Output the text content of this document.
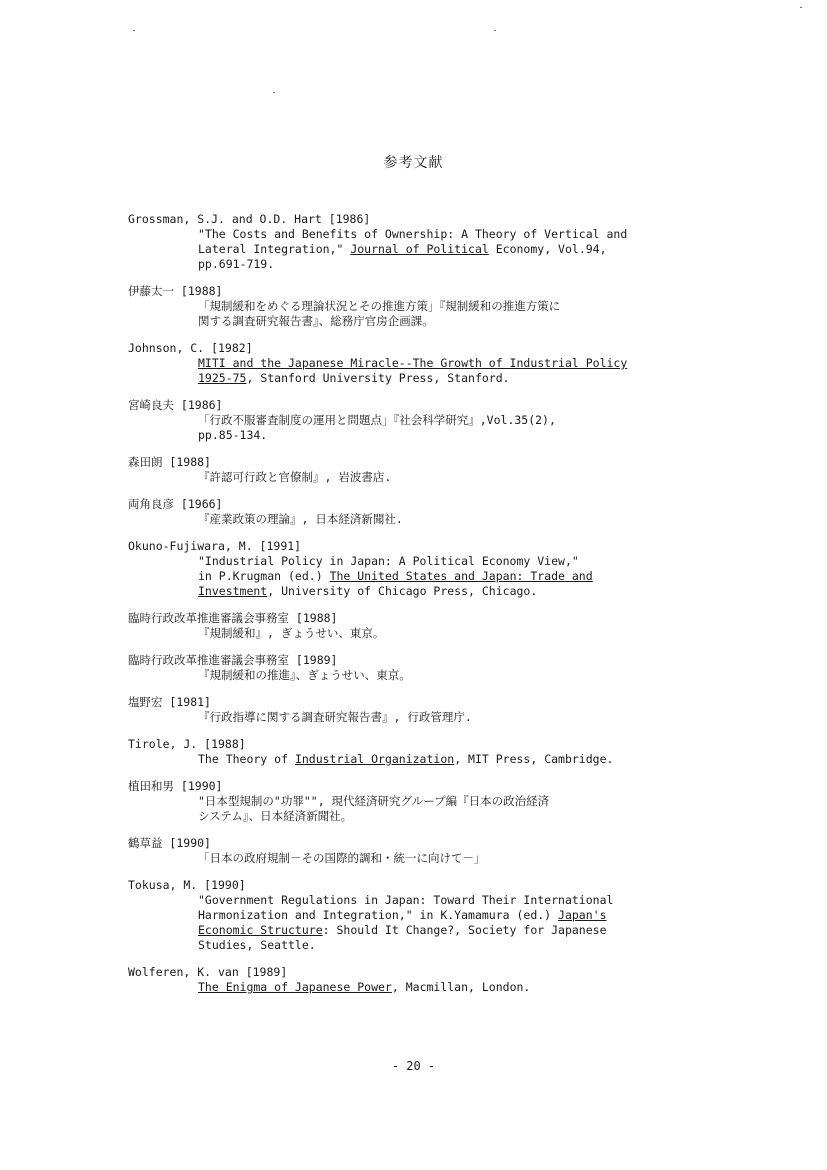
参考文献
Grossman, S.J. and O.D. Hart [1986]
"The Costs and Benefits of Ownership: A Theory of Vertical and
Lateral Integration," Journal of Political Economy, Vol.94,
pp.691-719.
伊藤太一 [1988]
「規制緩和をめぐる理論状況とその推進方策」『規制緩和の推進方策に
関する調査研究報告書』、総務庁官房企画課。
Johnson, C. [1982]
MITI and the Japanese Miracle--The Growth of Industrial Policy
1925-75, Stanford University Press, Stanford.
宮崎良夫 [1986]
「行政不服審査制度の運用と問題点」『社会科学研究』,Vol.35(2),
pp.85-134.
森田朗 [1988]
『許認可行政と官僚制』, 岩波書店.
両角良彦 [1966]
『産業政策の理論』, 日本経済新聞社.
Okuno-Fujiwara, M. [1991]
"Industrial Policy in Japan: A Political Economy View,"
in P.Krugman (ed.) The United States and Japan: Trade and
Investment, University of Chicago Press, Chicago.
臨時行政改革推進審議会事務室 [1988]
『規制緩和』, ぎょうせい、東京。
臨時行政改革推進審議会事務室 [1989]
『規制緩和の推進』、ぎょうせい、東京。
塩野宏 [1981]
『行政指導に関する調査研究報告書』, 行政管理庁.
Tirole, J. [1988]
The Theory of Industrial Organization, MIT Press, Cambridge.
植田和男 [1990]
"日本型規制の"功罪"", 現代経済研究グループ編『日本の政治経済
システム』、日本経済新聞社。
鶴草益 [1990]
「日本の政府規制－その国際的調和・統一に向けて－」
Tokusa, M. [1990]
"Government Regulations in Japan: Toward Their International
Harmonization and Integration," in K.Yamamura (ed.) Japan's
Economic Structure: Should It Change?, Society for Japanese
Studies, Seattle.
Wolferen, K. van [1989]
The Enigma of Japanese Power, Macmillan, London.
- 20 -
